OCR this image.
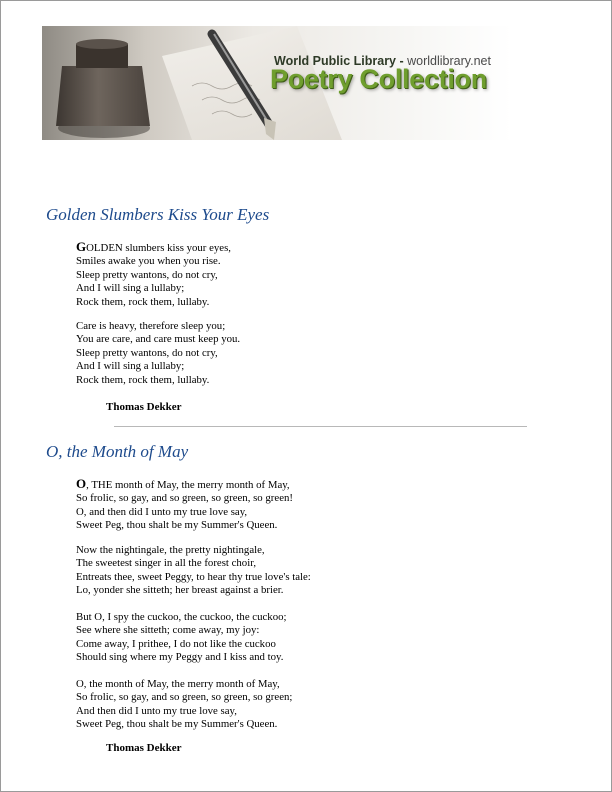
World Public Library - worldlibrary.net
Poetry Collection
Golden Slumbers Kiss Your Eyes
GOLDEN slumbers kiss your eyes,
Smiles awake you when you rise.
Sleep pretty wantons, do not cry,
And I will sing a lullaby;
Rock them, rock them, lullaby.
Care is heavy, therefore sleep you;
You are care, and care must keep you.
Sleep pretty wantons, do not cry,
And I will sing a lullaby;
Rock them, rock them, lullaby.

Thomas Dekker

O, the Month of May
O, THE month of May, the merry month of May,
So frolic, so gay, and so green, so green, so green!
O, and then did I unto my true love say,
Sweet Peg, thou shalt be my Summer's Queen.
Now the nightingale, the pretty nightingale,
The sweetest singer in all the forest choir,
Entreats thee, sweet Peggy, to hear thy true love's tale:
Lo, yonder she sitteth; her breast against a brier.
But O, I spy the cuckoo, the cuckoo, the cuckoo;
See where she sitteth; come away, my joy:
Come away, I prithee, I do not like the cuckoo
Should sing where my Peggy and I kiss and toy.
O, the month of May, the merry month of May,
So frolic, so gay, and so green, so green, so green;
And then did I unto my true love say,
Sweet Peg, thou shalt be my Summer's Queen.

Thomas Dekker
